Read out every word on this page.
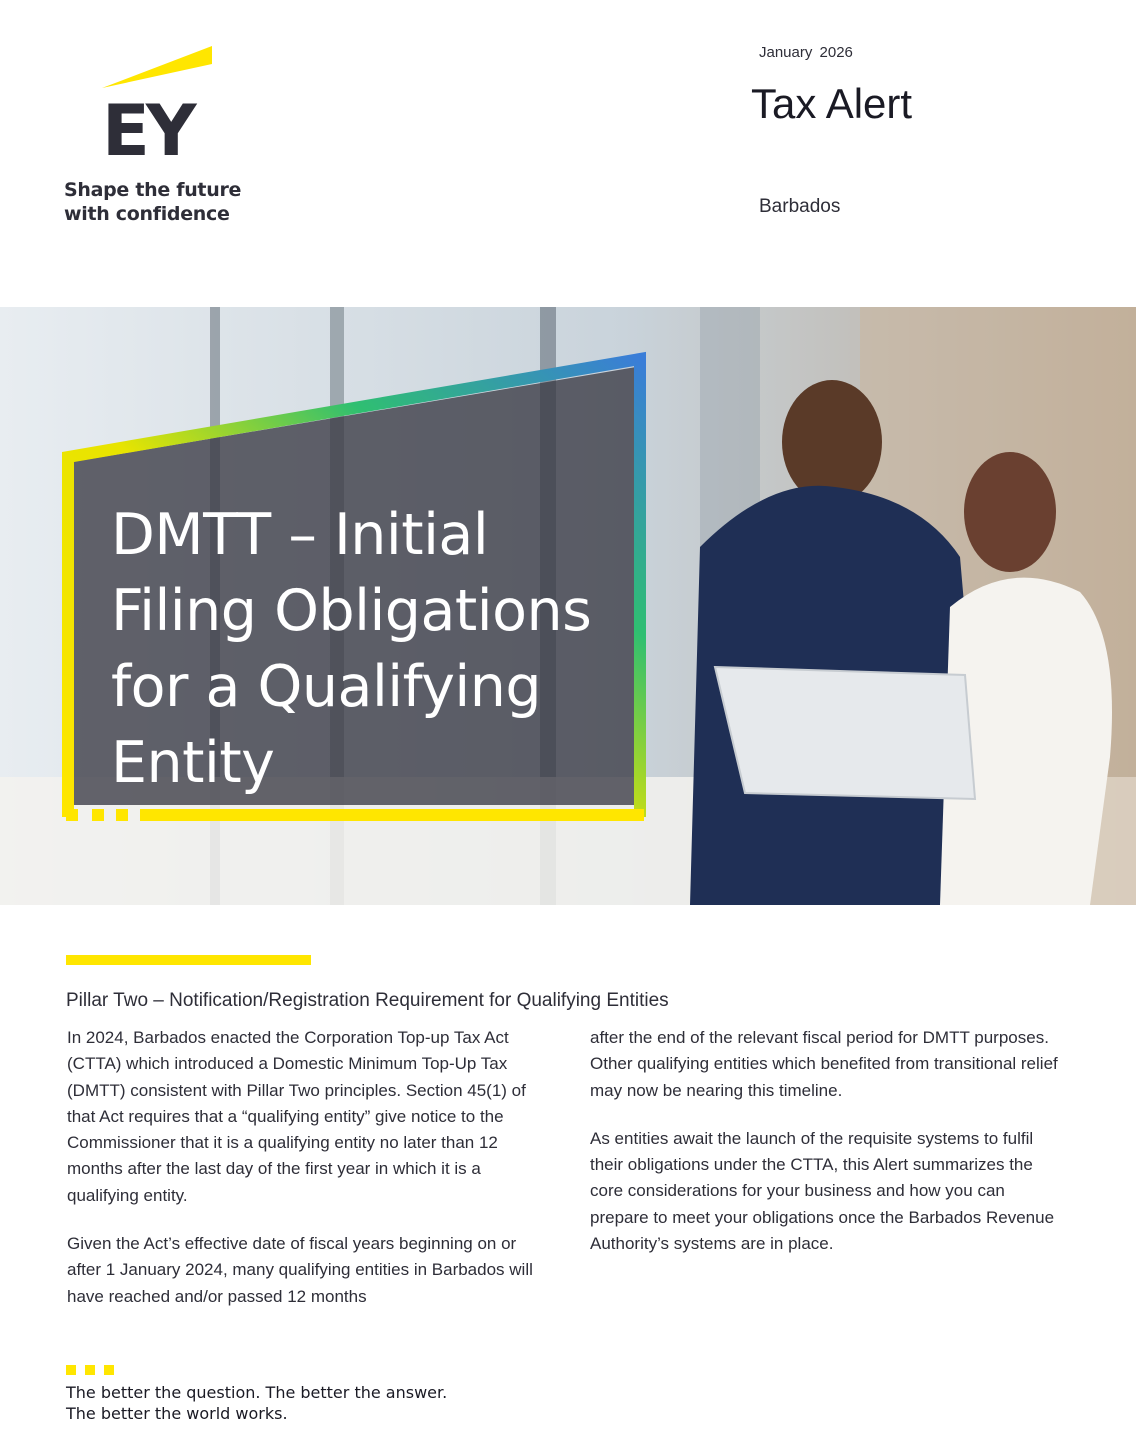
EY
Shape the future
with confidence
January 2026
Tax Alert
Barbados
DMTT – Initial
Filing Obligations
for a Qualifying
Entity
Pillar Two – Notification/Registration Requirement for Qualifying Entities

In 2024, Barbados enacted the Corporation Top-up Tax Act (CTTA) which introduced a Domestic Minimum Top-Up Tax (DMTT) consistent with Pillar Two principles. Section 45(1) of that Act requires that a “qualifying entity” give notice to the Commissioner that it is a qualifying entity no later than 12 months after the last day of the first year in which it is a qualifying entity.

Given the Act’s effective date of fiscal years beginning on or after 1 January 2024, many qualifying entities in Barbados will have reached and/or passed 12 months

after the end of the relevant fiscal period for DMTT purposes. Other qualifying entities which benefited from transitional relief may now be nearing this timeline.

As entities await the launch of the requisite systems to fulfil their obligations under the CTTA, this Alert summarizes the core considerations for your business and how you can prepare to meet your obligations once the Barbados Revenue Authority’s systems are in place.

The better the question. The better the answer.
The better the world works.
